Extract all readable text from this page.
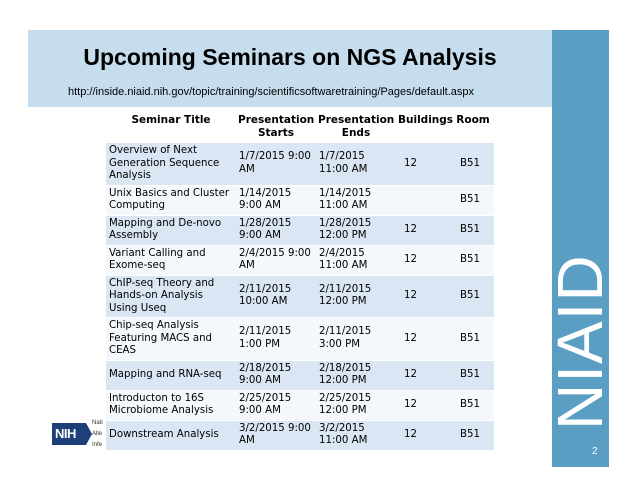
Upcoming Seminars on NGS Analysis
http://inside.niaid.nih.gov/topic/training/scientificsoftwaretraining/Pages/default.aspx
NIAID
2
NIH
Nati
Alle
Infe
Seminar Title	Presentation Starts	Presentation Ends	Buildings	Room
Overview of Next Generation Sequence Analysis	1/7/2015 9:00 AM	1/7/2015 11:00 AM	12	B51
Unix Basics and Cluster Computing	1/14/2015 9:00 AM	1/14/2015 11:00 AM		B51
Mapping and De-novo Assembly	1/28/2015 9:00 AM	1/28/2015 12:00 PM	12	B51
Variant Calling and Exome-seq	2/4/2015 9:00 AM	2/4/2015 11:00 AM	12	B51
ChIP-seq Theory and Hands-on Analysis Using Useq	2/11/2015 10:00 AM	2/11/2015 12:00 PM	12	B51
Chip-seq Analysis Featuring MACS and CEAS	2/11/2015 1:00 PM	2/11/2015 3:00 PM	12	B51
Mapping and RNA-seq	2/18/2015 9:00 AM	2/18/2015 12:00 PM	12	B51
Introducton to 16S Microbiome Analysis	2/25/2015 9:00 AM	2/25/2015 12:00 PM	12	B51
Downstream Analysis	3/2/2015 9:00 AM	3/2/2015 11:00 AM	12	B51
